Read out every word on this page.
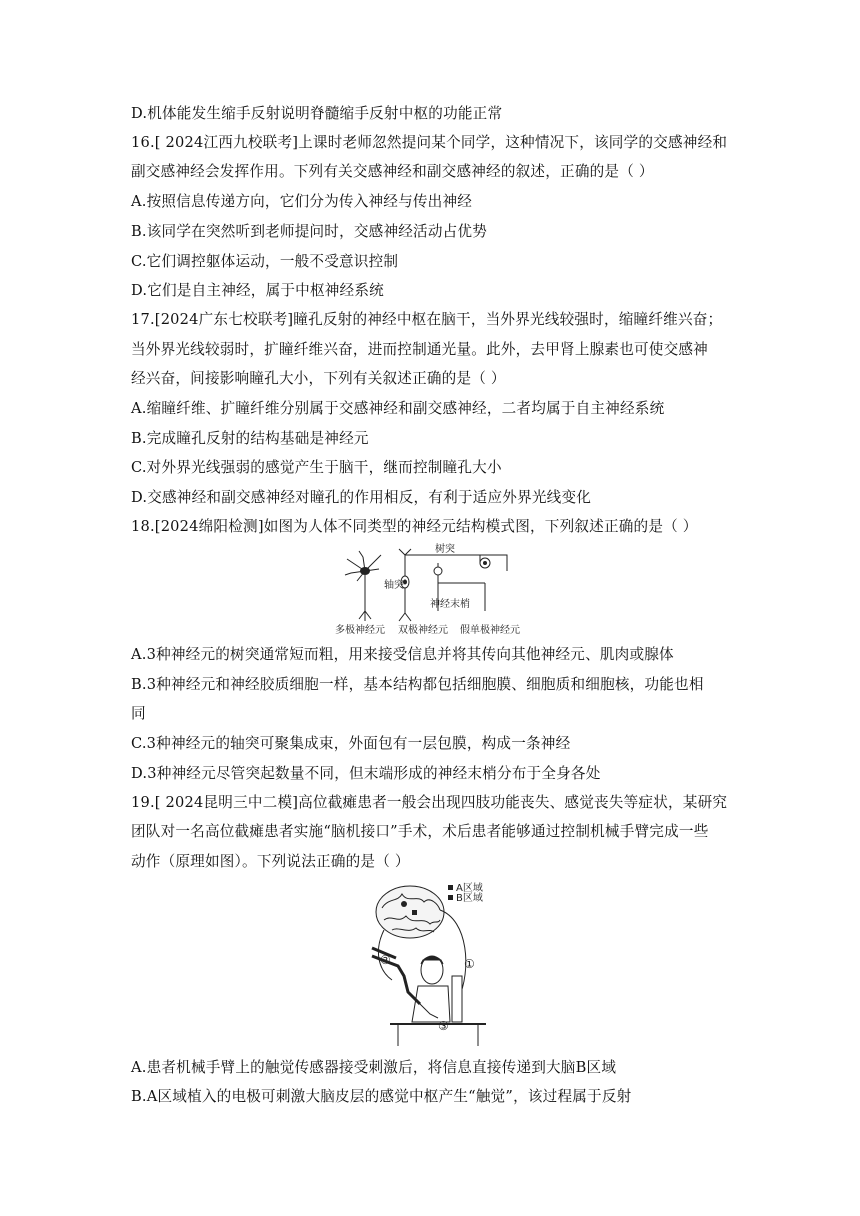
D.机体能发生缩手反射说明脊髓缩手反射中枢的功能正常
16.[ 2024江西九校联考]上课时老师忽然提问某个同学，这种情况下，该同学的交感神经和
副交感神经会发挥作用。下列有关交感神经和副交感神经的叙述，正确的是（ ）
A.按照信息传递方向，它们分为传入神经与传出神经
B.该同学在突然听到老师提问时，交感神经活动占优势
C.它们调控躯体运动，一般不受意识控制
D.它们是自主神经，属于中枢神经系统
17.[2024广东七校联考]瞳孔反射的神经中枢在脑干，当外界光线较强时，缩瞳纤维兴奋；
当外界光线较弱时，扩瞳纤维兴奋，进而控制通光量。此外，去甲肾上腺素也可使交感神
经兴奋，间接影响瞳孔大小，下列有关叙述正确的是（ ）
A.缩瞳纤维、扩瞳纤维分别属于交感神经和副交感神经，二者均属于自主神经系统
B.完成瞳孔反射的结构基础是神经元
C.对外界光线强弱的感觉产生于脑干，继而控制瞳孔大小
D.交感神经和副交感神经对瞳孔的作用相反，有利于适应外界光线变化
18.[2024绵阳检测]如图为人体不同类型的神经元结构模式图，下列叙述正确的是（ ）
树突
轴突
神经末梢
多极神经元 双极神经元 假单极神经元
A.3种神经元的树突通常短而粗，用来接受信息并将其传向其他神经元、肌肉或腺体
B.3种神经元和神经胶质细胞一样，基本结构都包括细胞膜、细胞质和细胞核，功能也相
同
C.3种神经元的轴突可聚集成束，外面包有一层包膜，构成一条神经
D.3种神经元尽管突起数量不同，但末端形成的神经末梢分布于全身各处
19.[ 2024昆明三中二模]高位截瘫患者一般会出现四肢功能丧失、感觉丧失等症状，某研究
团队对一名高位截瘫患者实施“脑机接口”手术，术后患者能够通过控制机械手臂完成一些
动作（原理如图）。下列说法正确的是（ ）
A区域
B区域
①
②
③
A.患者机械手臂上的触觉传感器接受刺激后，将信息直接传递到大脑B区域
B.A区域植入的电极可刺激大脑皮层的感觉中枢产生“触觉”，该过程属于反射
